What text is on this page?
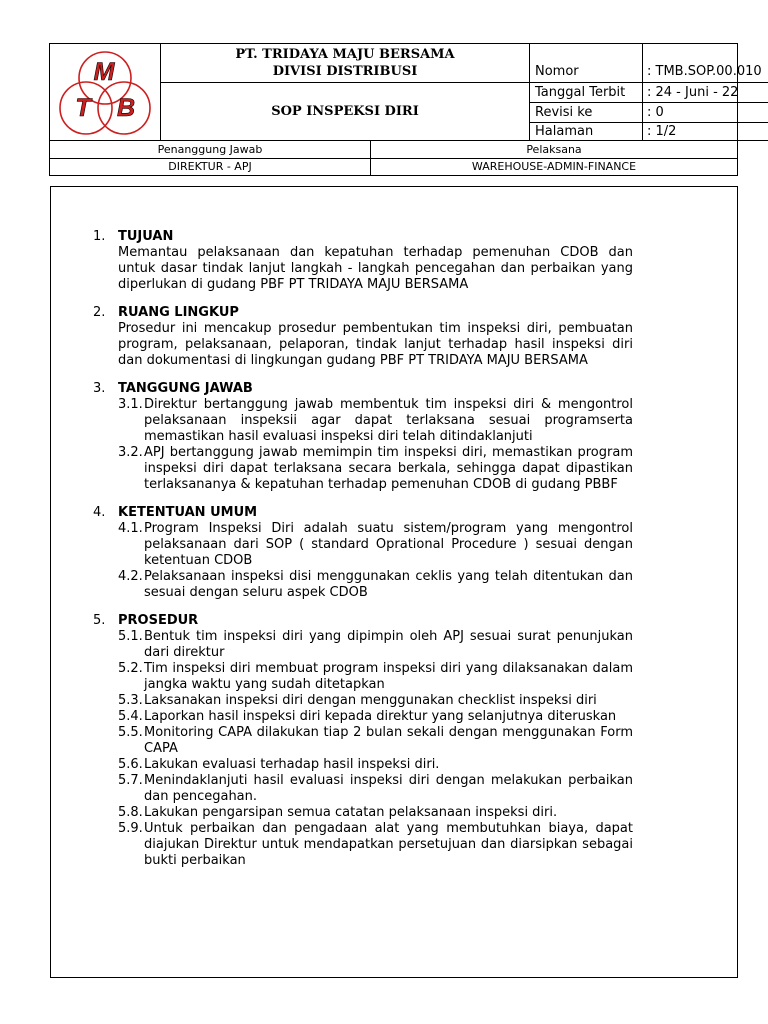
M
T B
PT. TRIDAYA MAJU BERSAMA
DIVISI DISTRIBUSI
SOP INSPEKSI DIRI
Nomor	: TMB.SOP.00.010
Tanggal Terbit	: 24 - Juni - 22
Revisi ke	: 0
Halaman	: 1/2
Penanggung Jawab	Pelaksana
DIREKTUR - APJ	WAREHOUSE-ADMIN-FINANCE
1. TUJUAN
Memantau pelaksanaan dan kepatuhan terhadap pemenuhan CDOB dan untuk dasar tindak lanjut langkah - langkah pencegahan dan perbaikan yang diperlukan di gudang PBF PT TRIDAYA MAJU BERSAMA
2. RUANG LINGKUP
Prosedur ini mencakup prosedur pembentukan tim inspeksi diri, pembuatan program, pelaksanaan, pelaporan, tindak lanjut terhadap hasil inspeksi diri dan dokumentasi di lingkungan gudang PBF PT TRIDAYA MAJU BERSAMA
3. TANGGUNG JAWAB
3.1. Direktur bertanggung jawab membentuk tim inspeksi diri & mengontrol pelaksanaan inspeksii agar dapat terlaksana sesuai programserta memastikan hasil evaluasi inspeksi diri telah ditindaklanjuti
3.2. APJ bertanggung jawab memimpin tim inspeksi diri, memastikan program inspeksi diri dapat terlaksana secara berkala, sehingga dapat dipastikan terlaksananya & kepatuhan terhadap pemenuhan CDOB di gudang PBBF
4. KETENTUAN UMUM
4.1. Program Inspeksi Diri adalah suatu sistem/program yang mengontrol pelaksanaan dari SOP ( standard Oprational Procedure ) sesuai dengan ketentuan CDOB
4.2. Pelaksanaan inspeksi disi menggunakan ceklis yang telah ditentukan dan sesuai dengan seluru aspek CDOB
5. PROSEDUR
5.1. Bentuk tim inspeksi diri yang dipimpin oleh APJ sesuai surat penunjukan dari direktur
5.2. Tim inspeksi diri membuat program inspeksi diri yang dilaksanakan dalam jangka waktu yang sudah ditetapkan
5.3. Laksanakan inspeksi diri dengan menggunakan checklist inspeksi diri
5.4. Laporkan hasil inspeksi diri kepada direktur yang selanjutnya diteruskan
5.5. Monitoring CAPA dilakukan tiap 2 bulan sekali dengan menggunakan Form CAPA
5.6. Lakukan evaluasi terhadap hasil inspeksi diri.
5.7. Menindaklanjuti hasil evaluasi inspeksi diri dengan melakukan perbaikan dan pencegahan.
5.8. Lakukan pengarsipan semua catatan pelaksanaan inspeksi diri.
5.9. Untuk perbaikan dan pengadaan alat yang membutuhkan biaya, dapat diajukan Direktur untuk mendapatkan persetujuan dan diarsipkan sebagai bukti perbaikan
